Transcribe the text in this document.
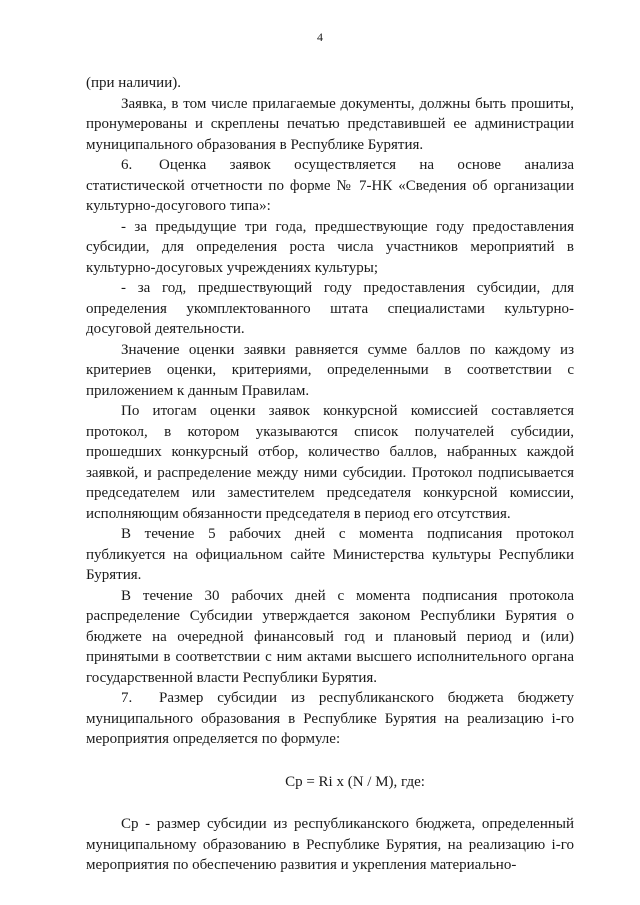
4

(при наличии).

Заявка, в том числе прилагаемые документы, должны быть прошиты, пронумерованы и скреплены печатью представившей ее администрации муниципального образования в Республике Бурятия.

6. Оценка заявок осуществляется на основе анализа статистической отчетности по форме № 7-НК «Сведения об организации культурно-досугового типа»:

- за предыдущие три года, предшествующие году предоставления субсидии, для определения роста числа участников мероприятий в культурно-досуговых учреждениях культуры;

- за год, предшествующий году предоставления субсидии, для определения укомплектованного штата специалистами культурно-досуговой деятельности.

Значение оценки заявки равняется сумме баллов по каждому из критериев оценки, критериями, определенными в соответствии с приложением к данным Правилам.

По итогам оценки заявок конкурсной комиссией составляется протокол, в котором указываются список получателей субсидии, прошедших конкурсный отбор, количество баллов, набранных каждой заявкой, и распределение между ними субсидии. Протокол подписывается председателем или заместителем председателя конкурсной комиссии, исполняющим обязанности председателя в период его отсутствия.

В течение 5 рабочих дней с момента подписания протокол публикуется на официальном сайте Министерства культуры Республики Бурятия.

В течение 30 рабочих дней с момента подписания протокола распределение Субсидии утверждается законом Республики Бурятия о бюджете на очередной финансовый год и плановый период и (или) принятыми в соответствии с ним актами высшего исполнительного органа государственной власти Республики Бурятия.

7. Размер субсидии из республиканского бюджета бюджету муниципального образования в Республике Бурятия на реализацию i-го мероприятия определяется по формуле:

Ср = Ri x (N / M), где:

Ср - размер субсидии из республиканского бюджета, определенный муниципальному образованию в Республике Бурятия, на реализацию i-го мероприятия по обеспечению развития и укрепления материально-
